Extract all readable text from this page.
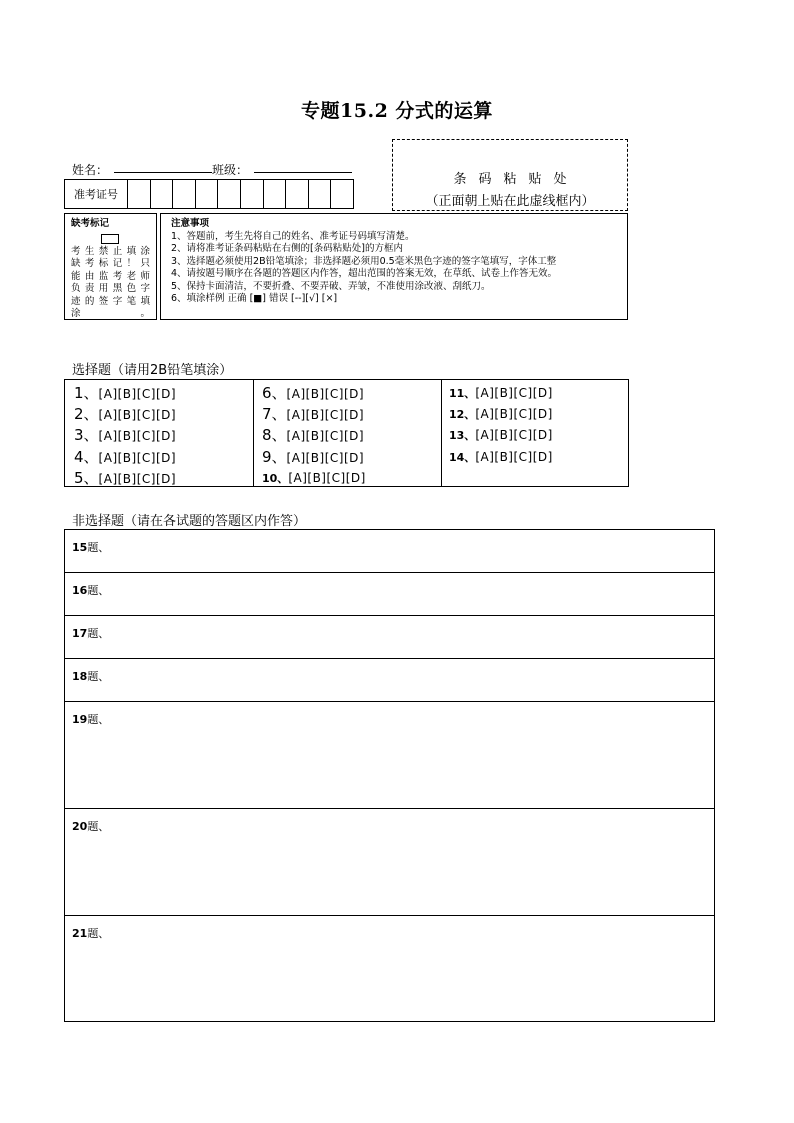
专题15.2 分式的运算
姓名：	班级：
准考证号
条码粘贴处
（正面朝上贴在此虚线框内）
缺考标记
考生禁止填涂
缺考标记！只
能由监考老师
负责用黑色字
迹的签字笔填
涂。
注意事项
1、答题前，考生先将自己的姓名、准考证号码填写清楚。
2、请将准考证条码粘贴在右侧的[条码粘贴处]的方框内
3、选择题必须使用2B铅笔填涂；非选择题必须用0.5毫米黑色字迹的签字笔填写，字体工整
4、请按题号顺序在各题的答题区内作答，超出范围的答案无效，在草纸、试卷上作答无效。
5、保持卡面清洁，不要折叠、不要弄破、弄皱，不准使用涂改液、刮纸刀。
6、填涂样例 正确 [■] 错误 [--][√] [×]
选择题（请用2B铅笔填涂）
1、[A][B][C][D]
2、[A][B][C][D]
3、[A][B][C][D]
4、[A][B][C][D]
5、[A][B][C][D]
6、[A][B][C][D]
7、[A][B][C][D]
8、[A][B][C][D]
9、[A][B][C][D]
10、[A][B][C][D]
11、[A][B][C][D]
12、[A][B][C][D]
13、[A][B][C][D]
14、[A][B][C][D]
非选择题（请在各试题的答题区内作答）
15题、
16题、
17题、
18题、
19题、
20题、
21题、
